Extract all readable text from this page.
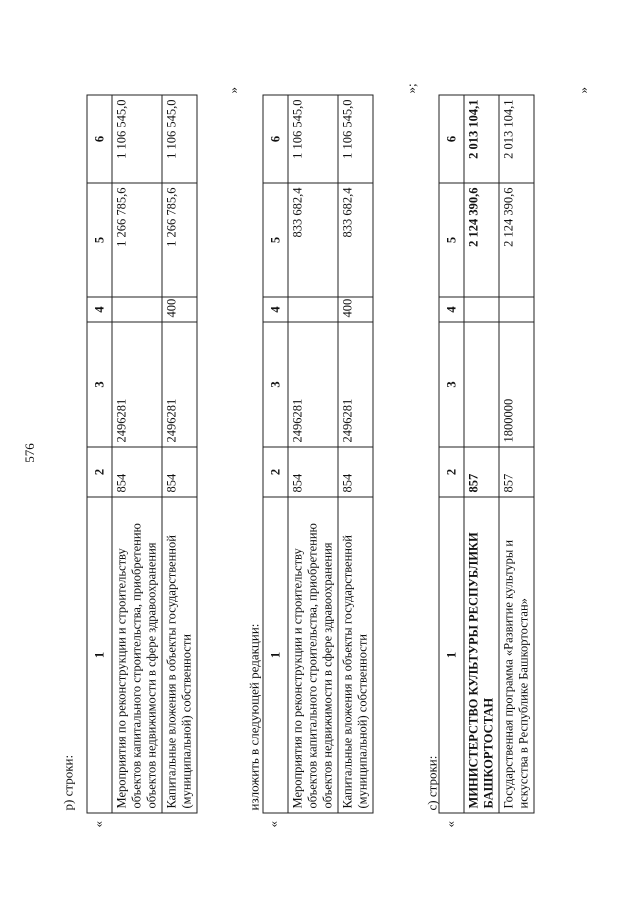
576
р) строки:
«
1	2	3	4	5	6
Мероприятия по реконструкции и строительству объектов капитального строительства, приобретению объектов недвижимости в сфере здравоохранения	854	2496281		1 266 785,6	1 106 545,0
Капитальные вложения в объекты государственной (муниципальной) собственности	854	2496281	400	1 266 785,6	1 106 545,0
»
изложить в следующей редакции:
«
1	2	3	4	5	6
Мероприятия по реконструкции и строительству объектов капитального строительства, приобретению объектов недвижимости в сфере здравоохранения	854	2496281		833 682,4	1 106 545,0
Капитальные вложения в объекты государственной (муниципальной) собственности	854	2496281	400	833 682,4	1 106 545,0
»;
с) строки:
«
1	2	3	4	5	6
МИНИСТЕРСТВО КУЛЬТУРЫ РЕСПУБЛИКИ БАШКОРТОСТАН	857			2 124 390,6	2 013 104,1
Государственная программа «Развитие культуры и искусства в Республике Башкортостан»	857	1800000		2 124 390,6	2 013 104,1
»
